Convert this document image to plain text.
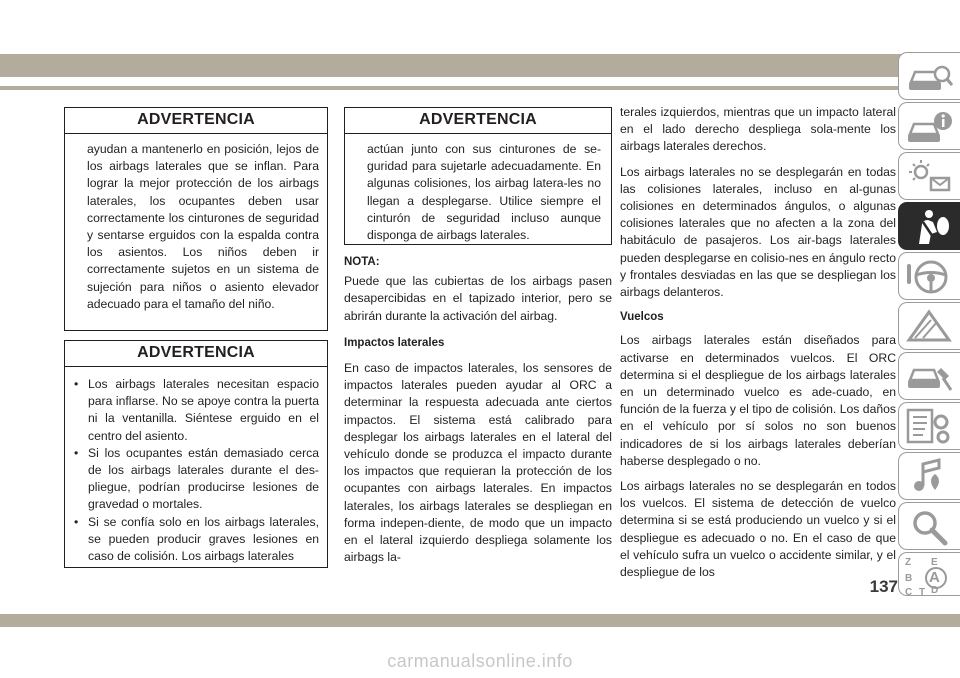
ADVERTENCIA

ayudan a mantenerlo en posición, lejos de los airbags laterales que se inflan. Para lograr la mejor protección de los airbags laterales, los ocupantes deben usar correctamente los cinturones de seguridad y sentarse erguidos con la espalda contra los asientos. Los niños deben ir correctamente sujetos en un sistema de sujeción para niños o asiento elevador adecuado para el tamaño del niño.

ADVERTENCIA
• Los airbags laterales necesitan espacio para inflarse. No se apoye contra la puerta ni la ventanilla. Siéntese erguido en el centro del asiento.
• Si los ocupantes están demasiado cerca de los airbags laterales durante el des-pliegue, podrían producirse lesiones de gravedad o mortales.
• Si se confía solo en los airbags laterales, se pueden producir graves lesiones en caso de colisión. Los airbags laterales
ADVERTENCIA

actúan junto con sus cinturones de se-guridad para sujetarle adecuadamente. En algunas colisiones, los airbag latera-les no llegan a desplegarse. Utilice siempre el cinturón de seguridad incluso aunque disponga de airbags laterales.

NOTA:

Puede que las cubiertas de los airbags pasen desapercibidas en el tapizado interior, pero se abrirán durante la activación del airbag.

Impactos laterales

En caso de impactos laterales, los sensores de impactos laterales pueden ayudar al ORC a determinar la respuesta adecuada ante ciertos impactos. El sistema está calibrado para desplegar los airbags laterales en el lateral del vehículo donde se produzca el impacto durante los impactos que requieran la protección de los ocupantes con airbags laterales. En impactos laterales, los airbags laterales se despliegan en forma indepen-diente, de modo que un impacto en el lateral izquierdo despliega solamente los airbags la-

terales izquierdos, mientras que un impacto lateral en el lado derecho despliega sola-mente los airbags laterales derechos.

Los airbags laterales no se desplegarán en todas las colisiones laterales, incluso en al-gunas colisiones en determinados ángulos, o algunas colisiones laterales que no afecten a la zona del habitáculo de pasajeros. Los air-bags laterales pueden desplegarse en colisio-nes en ángulo recto y frontales desviadas en las que se despliegan los airbags delanteros.

Vuelcos

Los airbags laterales están diseñados para activarse en determinados vuelcos. El ORC determina si el despliegue de los airbags laterales en un determinado vuelco es ade-cuado, en función de la fuerza y el tipo de colisión. Los daños en el vehículo por sí solos no son buenos indicadores de si los airbags laterales deberían haberse desplegado o no.

Los airbags laterales no se desplegarán en todos los vuelcos. El sistema de detección de vuelco determina si se está produciendo un vuelco y si el despliegue es adecuado o no. En el caso de que el vehículo sufra un vuelco o accidente similar, y el despliegue de los

137
carmanualsonline.info
Z E
B A
C D
T
